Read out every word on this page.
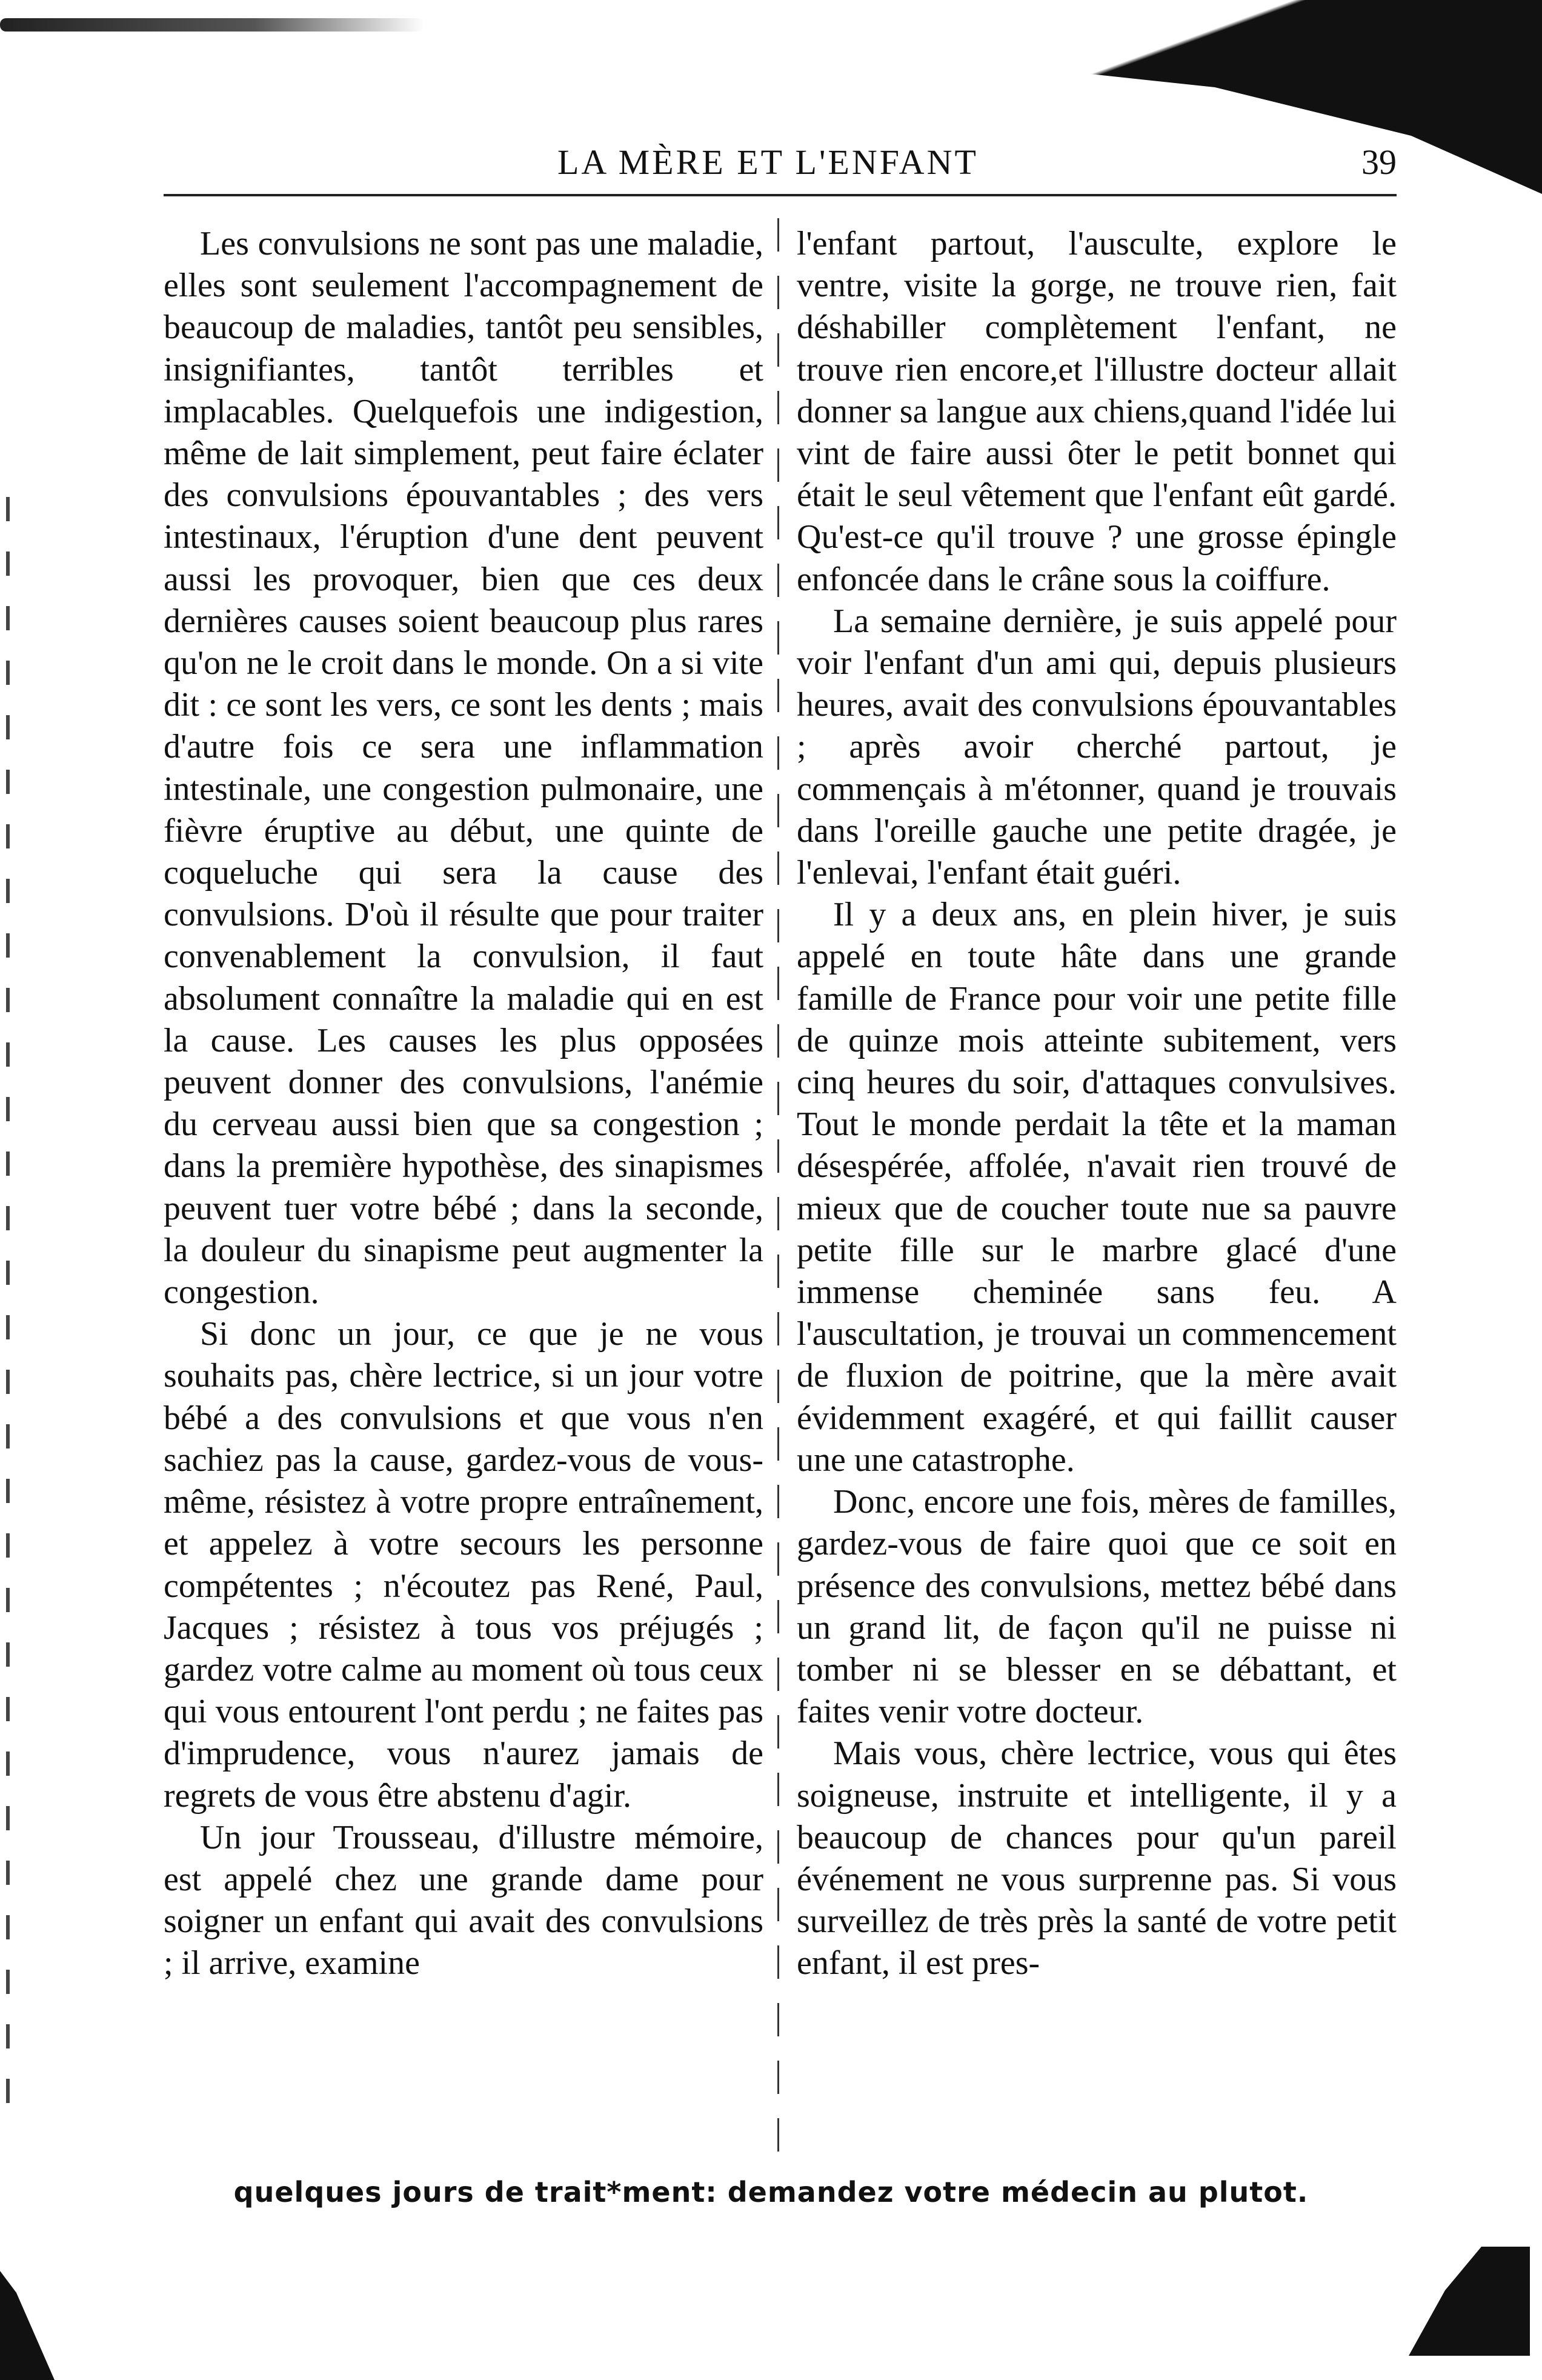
LA MÈRE ET L'ENFANT	39

Les convulsions ne sont pas une maladie, elles sont seulement l'accompagnement de beaucoup de maladies, tantôt peu sensibles, insignifiantes, tantôt terribles et implacables. Quelquefois une indigestion, même de lait simplement, peut faire éclater des convulsions épouvantables ; des vers intestinaux, l'éruption d'une dent peuvent aussi les provoquer, bien que ces deux dernières causes soient beaucoup plus rares qu'on ne le croit dans le monde. On a si vite dit : ce sont les vers, ce sont les dents ; mais d'autre fois ce sera une inflammation intestinale, une congestion pulmonaire, une fièvre éruptive au début, une quinte de coqueluche qui sera la cause des convulsions. D'où il résulte que pour traiter convenablement la convulsion, il faut absolument connaître la maladie qui en est la cause. Les causes les plus opposées peuvent donner des convulsions, l'anémie du cerveau aussi bien que sa congestion ; dans la première hypothèse, des sinapismes peuvent tuer votre bébé ; dans la seconde, la douleur du sinapisme peut augmenter la congestion.

Si donc un jour, ce que je ne vous souhaits pas, chère lectrice, si un jour votre bébé a des convulsions et que vous n'en sachiez pas la cause, gardez-vous de vous-même, résistez à votre propre entraînement, et appelez à votre secours les personne compétentes ; n'écoutez pas René, Paul, Jacques ; résistez à tous vos préjugés ; gardez votre calme au moment où tous ceux qui vous entourent l'ont perdu ; ne faites pas d'imprudence, vous n'aurez jamais de regrets de vous être abstenu d'agir.

Un jour Trousseau, d'illustre mémoire, est appelé chez une grande dame pour soigner un enfant qui avait des convulsions ; il arrive, examine

l'enfant partout, l'ausculte, explore le ventre, visite la gorge, ne trouve rien, fait déshabiller complètement l'enfant, ne trouve rien encore,et l'illustre docteur allait donner sa langue aux chiens,quand l'idée lui vint de faire aussi ôter le petit bonnet qui était le seul vêtement que l'enfant eût gardé. Qu'est-ce qu'il trouve ? une grosse épingle enfoncée dans le crâne sous la coiffure.

La semaine dernière, je suis appelé pour voir l'enfant d'un ami qui, depuis plusieurs heures, avait des convulsions épouvantables ; après avoir cherché partout, je commençais à m'étonner, quand je trouvais dans l'oreille gauche une petite dragée, je l'enlevai, l'enfant était guéri.

Il y a deux ans, en plein hiver, je suis appelé en toute hâte dans une grande famille de France pour voir une petite fille de quinze mois atteinte subitement, vers cinq heures du soir, d'attaques convulsives. Tout le monde perdait la tête et la maman désespérée, affolée, n'avait rien trouvé de mieux que de coucher toute nue sa pauvre petite fille sur le marbre glacé d'une immense cheminée sans feu. A l'auscultation, je trouvai un commencement de fluxion de poitrine, que la mère avait évidemment exagéré, et qui faillit causer une une catastrophe.

Donc, encore une fois, mères de familles, gardez-vous de faire quoi que ce soit en présence des convulsions, mettez bébé dans un grand lit, de façon qu'il ne puisse ni tomber ni se blesser en se débattant, et faites venir votre docteur.

Mais vous, chère lectrice, vous qui êtes soigneuse, instruite et intelligente, il y a beaucoup de chances pour qu'un pareil événement ne vous surprenne pas. Si vous surveillez de très près la santé de votre petit enfant, il est pres-

quelques jours de trait*ment: demandez votre médecin au plutot.
